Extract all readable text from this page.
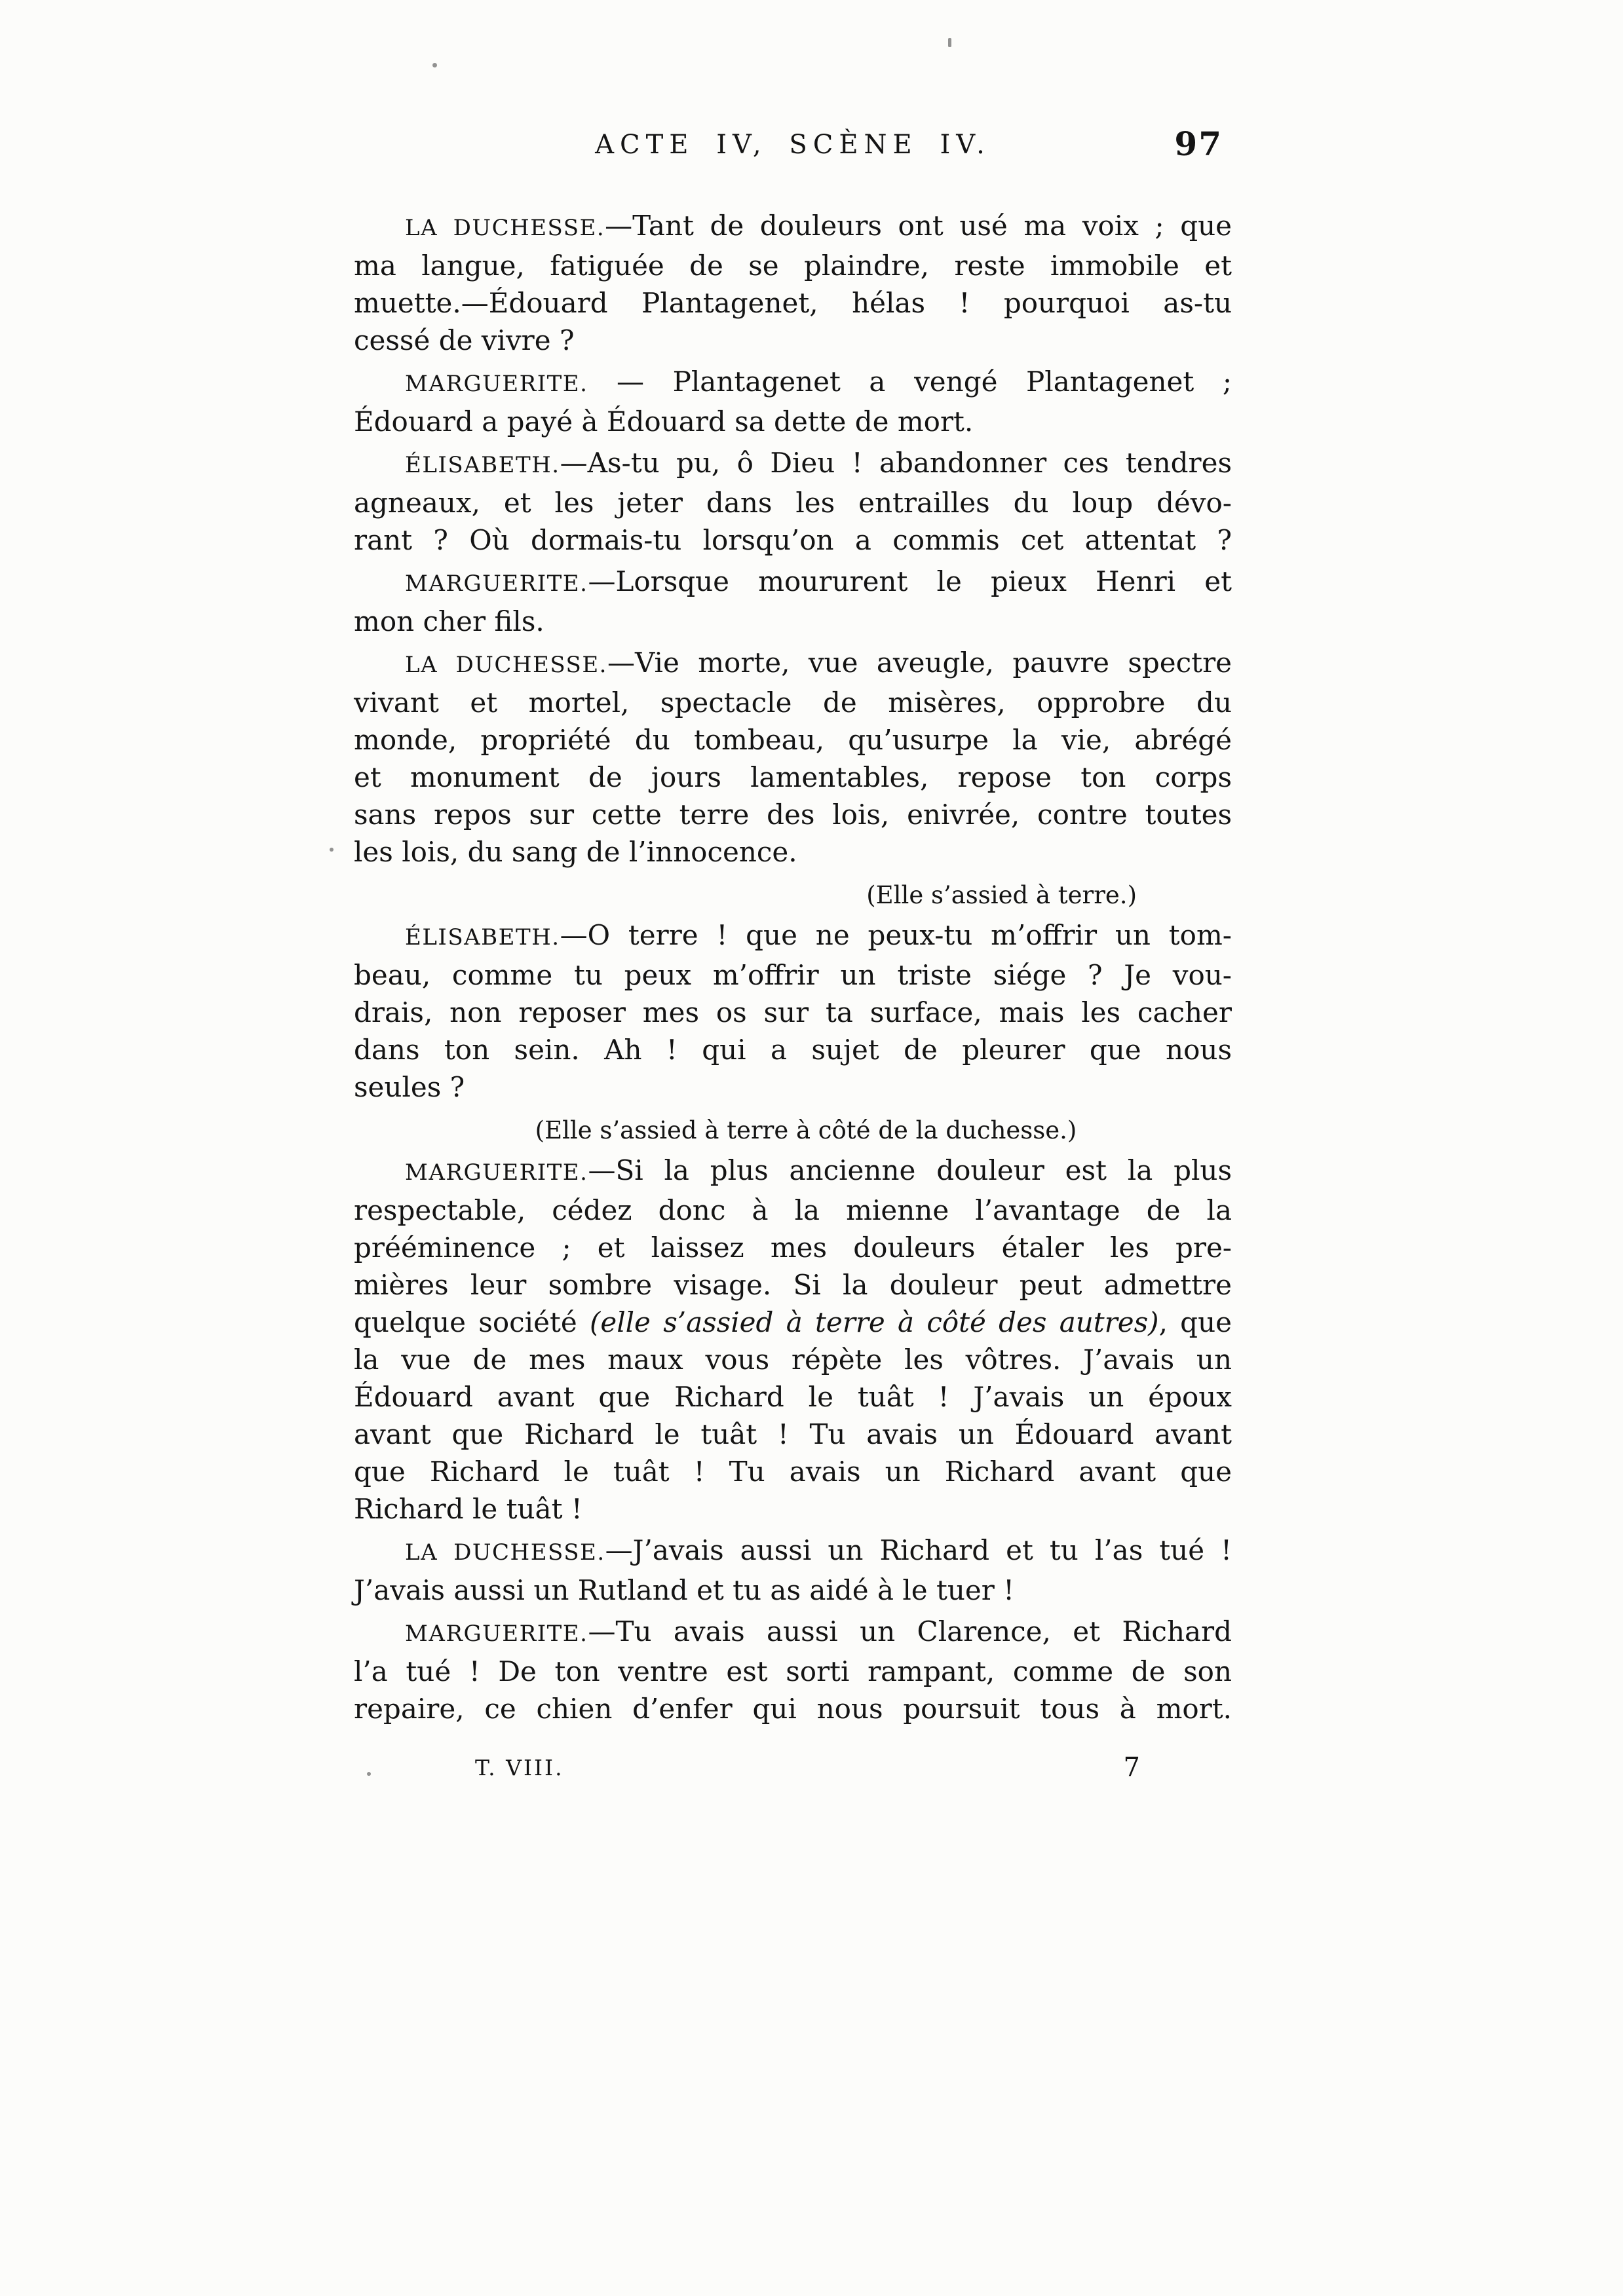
ACTE IV, SCÈNE IV.	97
LA DUCHESSE.—Tant de douleurs ont usé ma voix ; que
ma langue, fatiguée de se plaindre, reste immobile et
muette.—Édouard Plantagenet, hélas ! pourquoi as-tu
cessé de vivre ?
MARGUERITE. — Plantagenet a vengé Plantagenet ;
Édouard a payé à Édouard sa dette de mort.
ÉLISABETH.—As-tu pu, ô Dieu ! abandonner ces tendres
agneaux, et les jeter dans les entrailles du loup dévo-
rant ? Où dormais-tu lorsqu’on a commis cet attentat ?
MARGUERITE.—Lorsque moururent le pieux Henri et
mon cher fils.
LA DUCHESSE.—Vie morte, vue aveugle, pauvre spectre
vivant et mortel, spectacle de misères, opprobre du
monde, propriété du tombeau, qu’usurpe la vie, abrégé
et monument de jours lamentables, repose ton corps
sans repos sur cette terre des lois, enivrée, contre toutes
les lois, du sang de l’innocence.
(Elle s’assied à terre.)
ÉLISABETH.—O terre ! que ne peux-tu m’offrir un tom-
beau, comme tu peux m’offrir un triste siége ? Je vou-
drais, non reposer mes os sur ta surface, mais les cacher
dans ton sein. Ah ! qui a sujet de pleurer que nous
seules ?
(Elle s’assied à terre à côté de la duchesse.)
MARGUERITE.—Si la plus ancienne douleur est la plus
respectable, cédez donc à la mienne l’avantage de la
prééminence ; et laissez mes douleurs étaler les pre-
mières leur sombre visage. Si la douleur peut admettre
quelque société (elle s’assied à terre à côté des autres), que
la vue de mes maux vous répète les vôtres. J’avais un
Édouard avant que Richard le tuât ! J’avais un époux
avant que Richard le tuât ! Tu avais un Édouard avant
que Richard le tuât ! Tu avais un Richard avant que
Richard le tuât !
LA DUCHESSE.—J’avais aussi un Richard et tu l’as tué !
J’avais aussi un Rutland et tu as aidé à le tuer !
MARGUERITE.—Tu avais aussi un Clarence, et Richard
l’a tué ! De ton ventre est sorti rampant, comme de son
repaire, ce chien d’enfer qui nous poursuit tous à mort.
T. VIII.	7
